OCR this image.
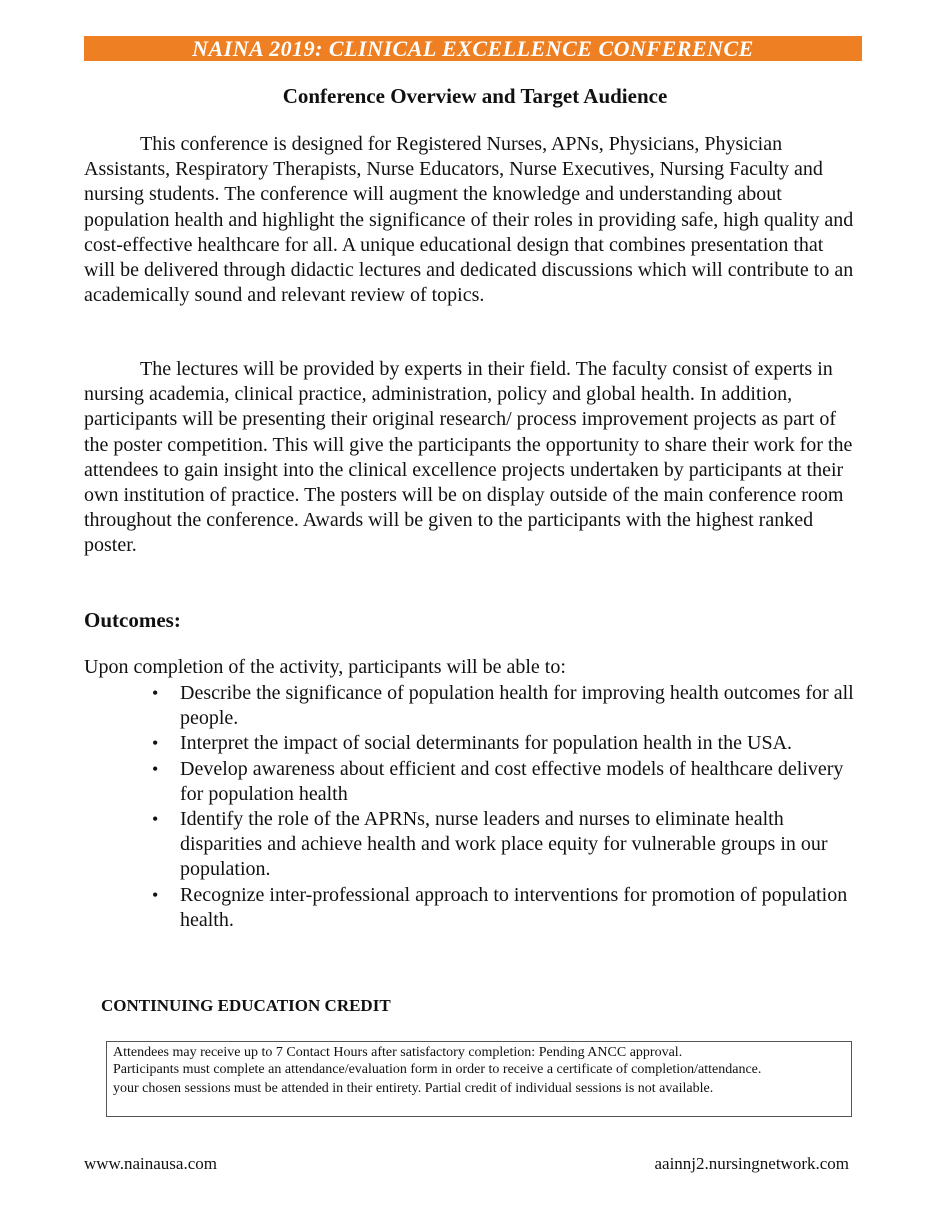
NAINA 2019: CLINICAL EXCELLENCE CONFERENCE
Conference Overview and Target Audience

This conference is designed for Registered Nurses, APNs, Physicians, Physician Assistants, Respiratory Therapists, Nurse Educators, Nurse Executives, Nursing Faculty and nursing students. The conference will augment the knowledge and understanding about population health and highlight the significance of their roles in providing safe, high quality and cost-effective healthcare for all. A unique educational design that combines presentation that will be delivered through didactic lectures and dedicated discussions which will contribute to an academically sound and relevant review of topics.

The lectures will be provided by experts in their field. The faculty consist of experts in nursing academia, clinical practice, administration, policy and global health. In addition, participants will be presenting their original research/ process improvement projects as part of the poster competition. This will give the participants the opportunity to share their work for the attendees to gain insight into the clinical excellence projects undertaken by participants at their own institution of practice. The posters will be on display outside of the main conference room throughout the conference. Awards will be given to the participants with the highest ranked poster.

Outcomes:
Upon completion of the activity, participants will be able to:
• Describe the significance of population health for improving health outcomes for all people.
• Interpret the impact of social determinants for population health in the USA.
• Develop awareness about efficient and cost effective models of healthcare delivery for population health
• Identify the role of the APRNs, nurse leaders and nurses to eliminate health disparities and achieve health and work place equity for vulnerable groups in our population.
• Recognize inter-professional approach to interventions for promotion of population health.
CONTINUING EDUCATION CREDIT
Attendees may receive up to 7 Contact Hours after satisfactory completion: Pending ANCC approval.
Participants must complete an attendance/evaluation form in order to receive a certificate of completion/attendance.
your chosen sessions must be attended in their entirety. Partial credit of individual sessions is not available.
www.nainausa.com	aainnj2.nursingnetwork.com
